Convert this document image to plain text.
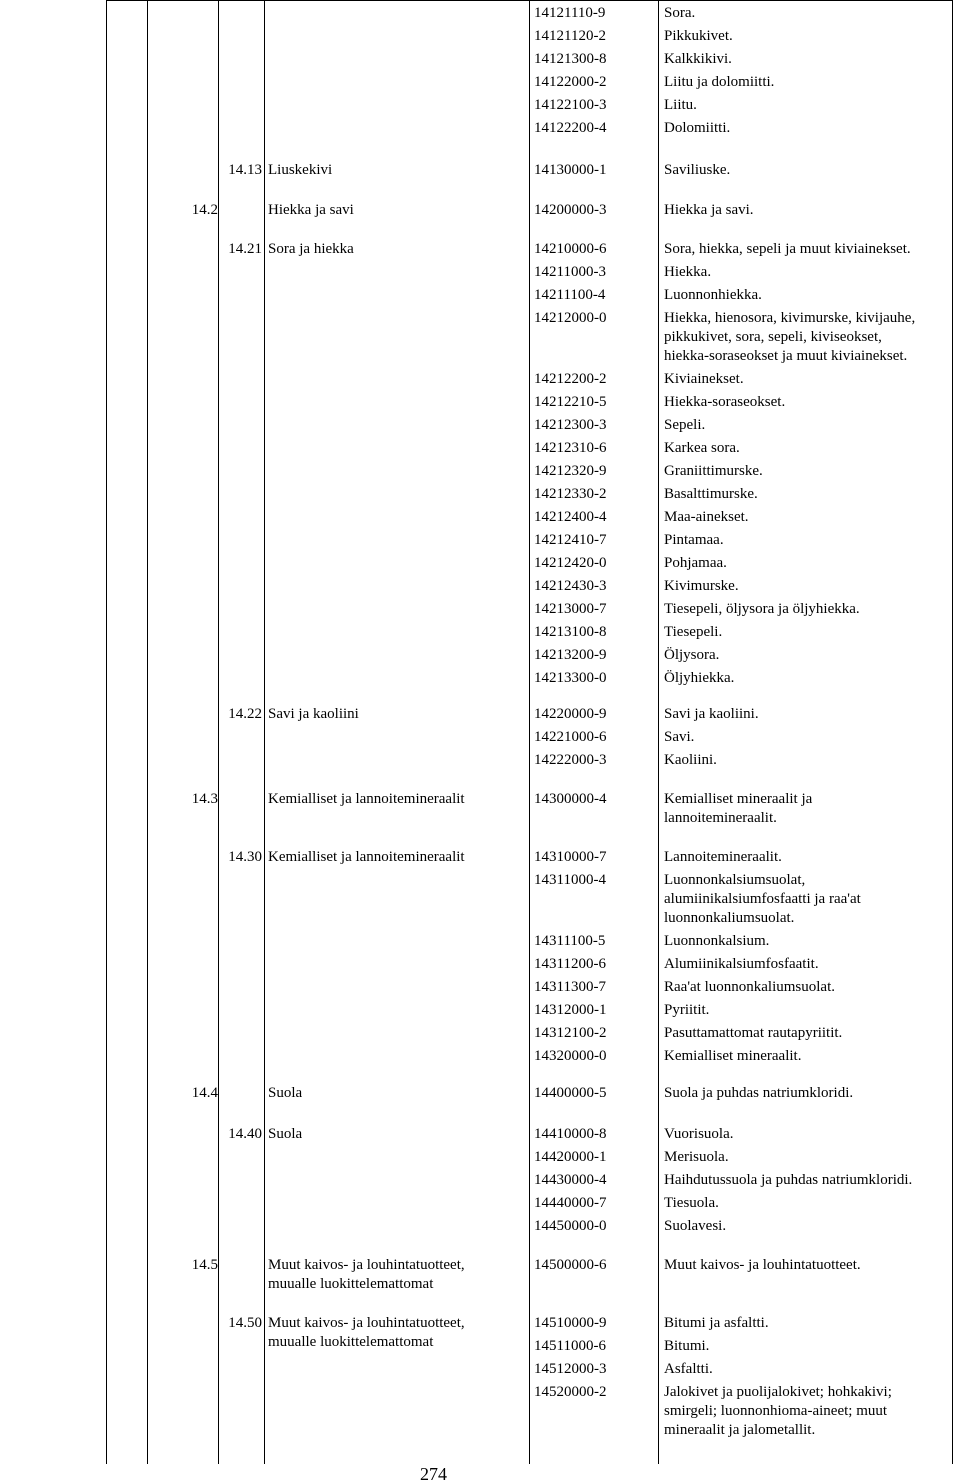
14121110-9	Sora.
14121120-2	Pikkukivet.
14121300-8	Kalkkikivi.
14122000-2	Liitu ja dolomiitti.
14122100-3	Liitu.
14122200-4	Dolomiitti.
14.13 Liuskekivi	14130000-1	Saviliuske.
14.2	Hiekka ja savi	14200000-3	Hiekka ja savi.
14.21 Sora ja hiekka	14210000-6	Sora, hiekka, sepeli ja muut kiviainekset.
14211000-3	Hiekka.
14211100-4	Luonnonhiekka.
14212000-0	Hiekka, hienosora, kivimurske, kivijauhe,
pikkukivet, sora, sepeli, kiviseokset,
hiekka-soraseokset ja muut kiviainekset.
14212200-2	Kiviainekset.
14212210-5	Hiekka-soraseokset.
14212300-3	Sepeli.
14212310-6	Karkea sora.
14212320-9	Graniittimurske.
14212330-2	Basalttimurske.
14212400-4	Maa-ainekset.
14212410-7	Pintamaa.
14212420-0	Pohjamaa.
14212430-3	Kivimurske.
14213000-7	Tiesepeli, öljysora ja öljyhiekka.
14213100-8	Tiesepeli.
14213200-9	Öljysora.
14213300-0	Öljyhiekka.
14.22 Savi ja kaoliini	14220000-9	Savi ja kaoliini.
14221000-6	Savi.
14222000-3	Kaoliini.
14.3	Kemialliset ja lannoitemineraalit	14300000-4	Kemialliset mineraalit ja
lannoitemineraalit.
14.30 Kemialliset ja lannoitemineraalit	14310000-7	Lannoitemineraalit.
14311000-4	Luonnonkalsiumsuolat,
alumiinikalsiumfosfaatti ja raa'at
luonnonkaliumsuolat.
14311100-5	Luonnonkalsium.
14311200-6	Alumiinikalsiumfosfaatit.
14311300-7	Raa'at luonnonkaliumsuolat.
14312000-1	Pyriitit.
14312100-2	Pasuttamattomat rautapyriitit.
14320000-0	Kemialliset mineraalit.
14.4	Suola	14400000-5	Suola ja puhdas natriumkloridi.
14.40 Suola	14410000-8	Vuorisuola.
14420000-1	Merisuola.
14430000-4	Haihdutussuola ja puhdas natriumkloridi.
14440000-7	Tiesuola.
14450000-0	Suolavesi.
14.5	Muut kaivos- ja louhintatuotteet,
muualle luokittelemattomat
14500000-6	Muut kaivos- ja louhintatuotteet.
14.50 Muut kaivos- ja louhintatuotteet,
muualle luokittelemattomat
14510000-9	Bitumi ja asfaltti.
14511000-6	Bitumi.
14512000-3	Asfaltti.
14520000-2	Jalokivet ja puolijalokivet; hohkakivi;
smirgeli; luonnonhioma-aineet; muut
mineraalit ja jalometallit.
274
